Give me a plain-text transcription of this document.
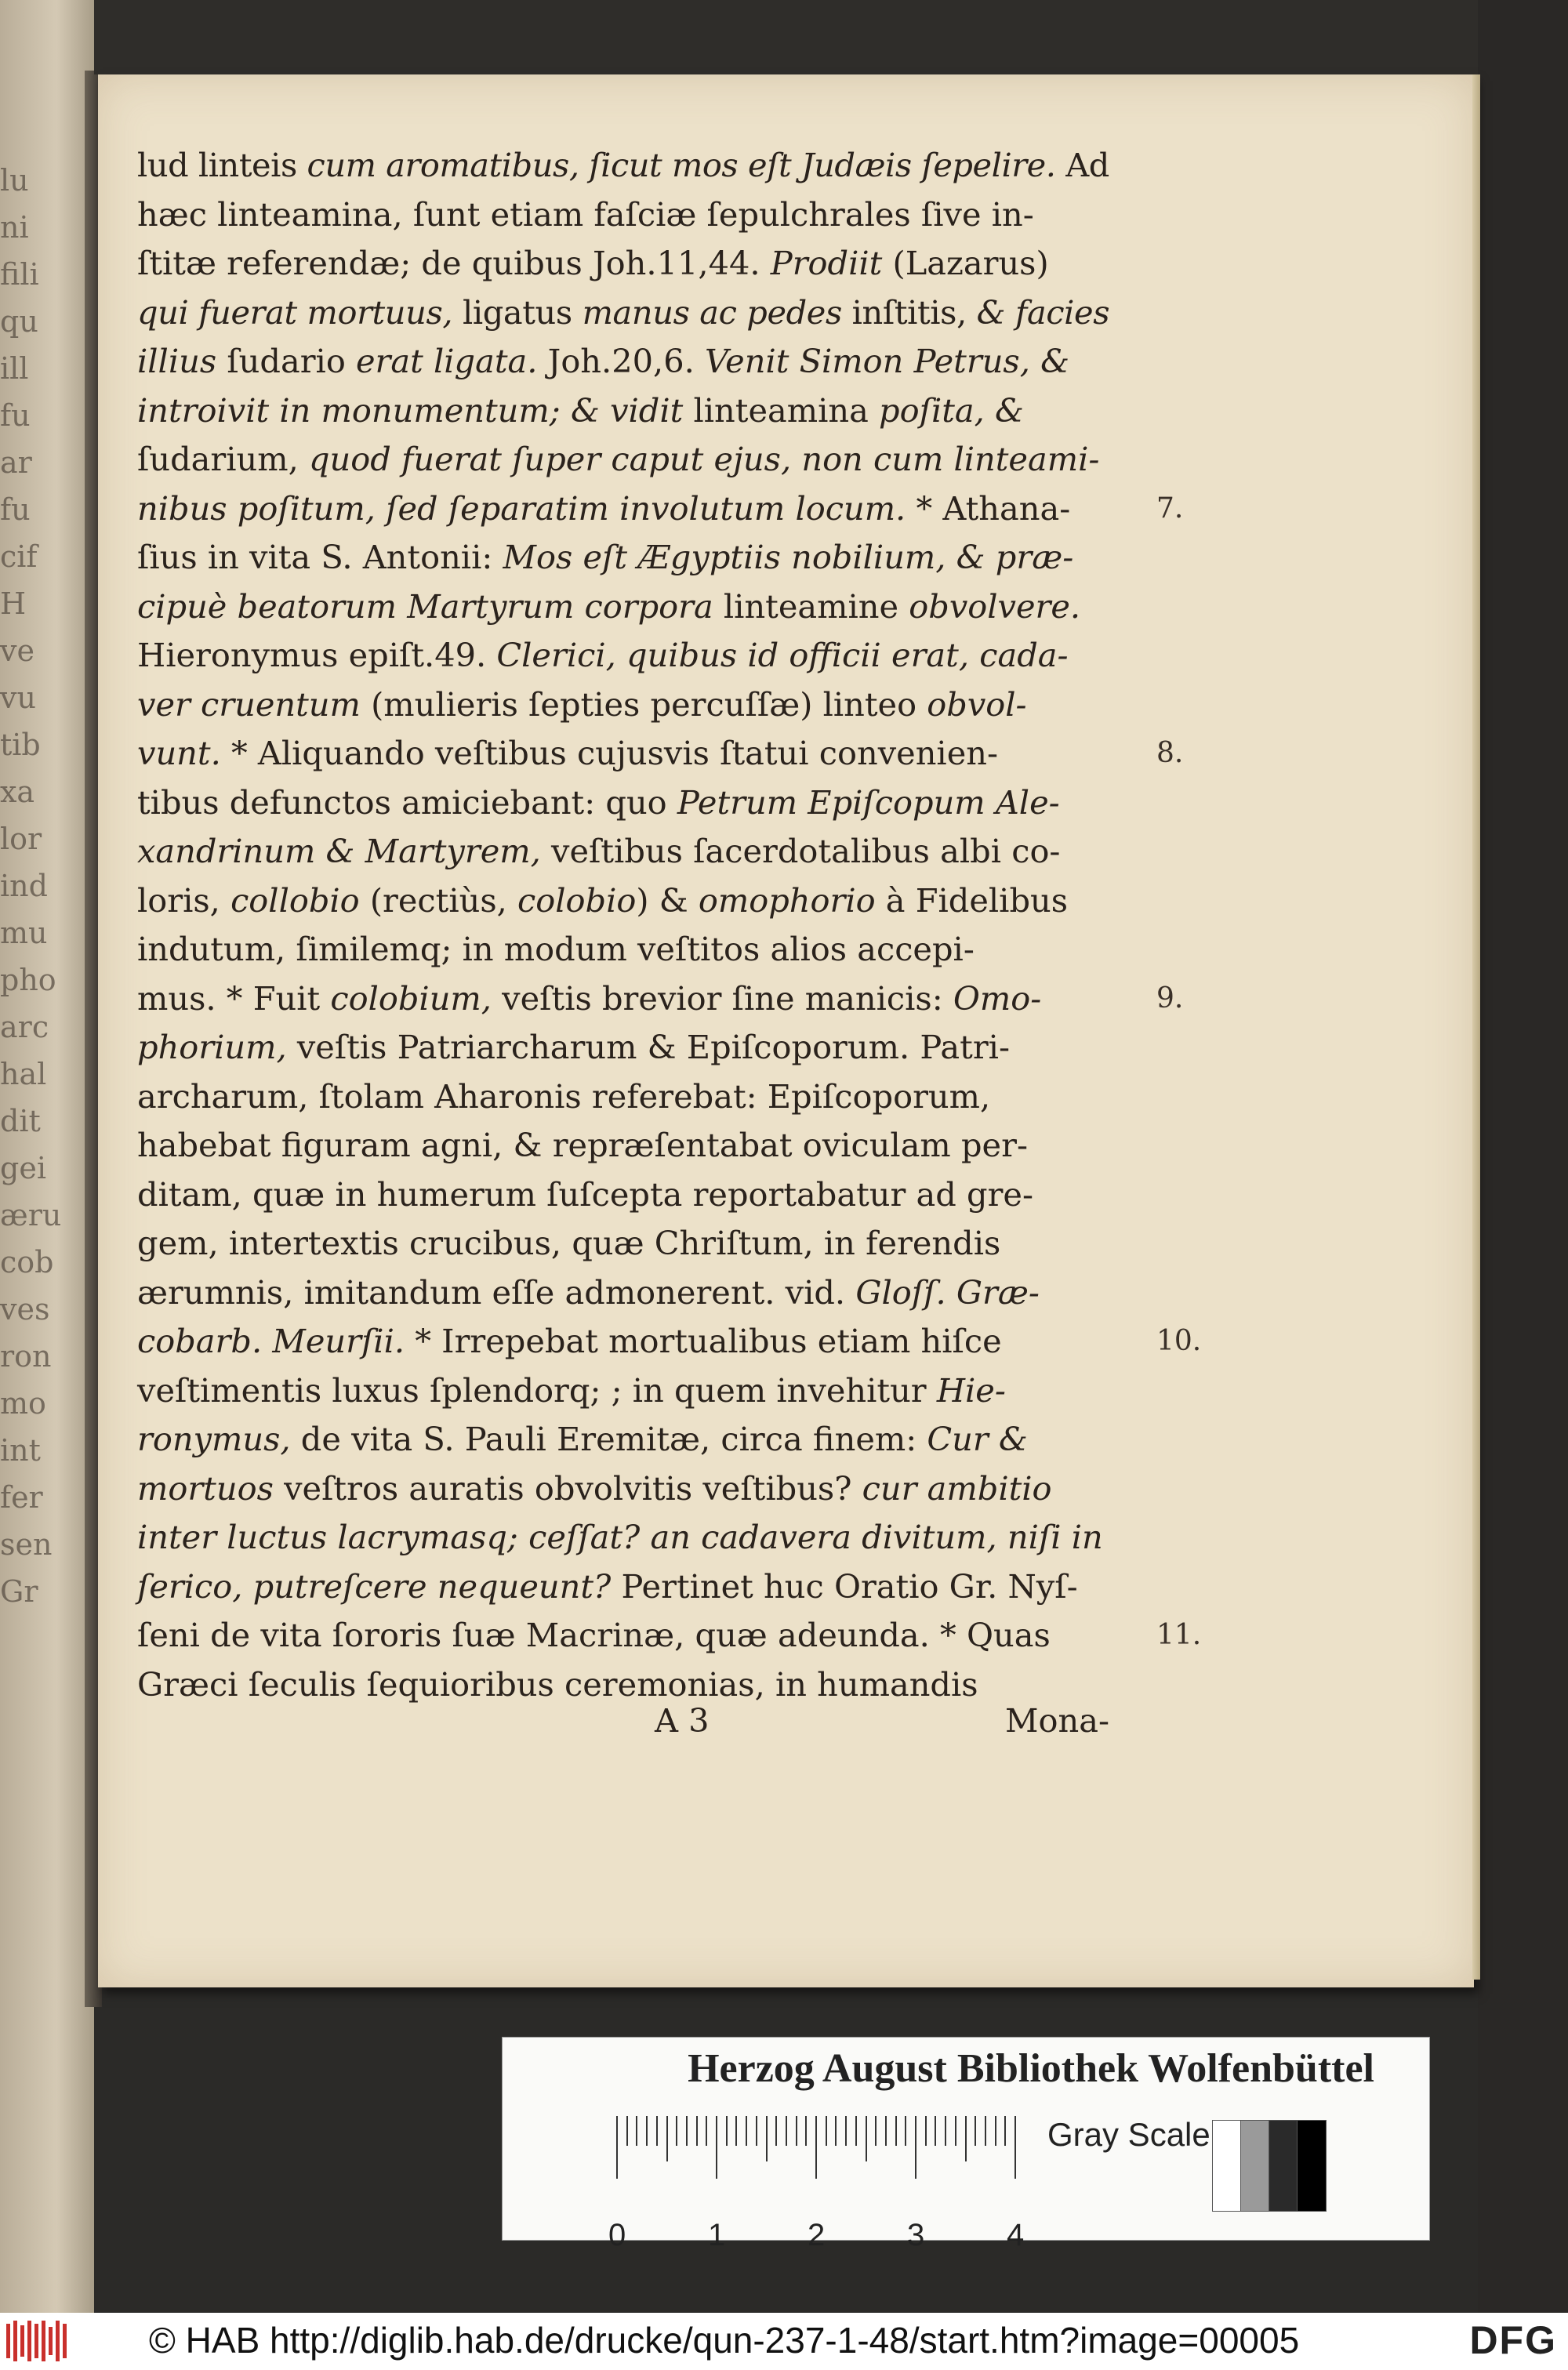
lu
ni
fili
qu
ill
fu
ar
fu
cif
H
ve
vu
tib
xa
lor
ind
mu
pho
arc
hal
dit
gei
æru
cob
ves
ron
mo
int
fer
sen
Gr
lud linteis cum aromatibus, ſicut mos eſt Judæis ſepelire. Ad
hæc linteamina, ſunt etiam faſciæ ſepulchrales ſive in-
ſtitæ referendæ; de quibus Joh.11,44. Prodiit (Lazarus)
qui fuerat mortuus, ligatus manus ac pedes inſtitis, & facies
illius ſudario erat ligata. Joh.20,6. Venit Simon Petrus, &
introivit in monumentum; & vidit linteamina poſita, &
ſudarium, quod fuerat ſuper caput ejus, non cum linteami-
nibus poſitum, ſed ſeparatim involutum locum. * Athana-
ſius in vita S. Antonii: Mos eſt Ægyptiis nobilium, & præ-
cipuè beatorum Martyrum corpora linteamine obvolvere.
Hieronymus epiſt.49. Clerici, quibus id officii erat, cada-
ver cruentum (mulieris ſepties percuſſæ) linteo obvol-
vunt. * Aliquando veſtibus cujusvis ſtatui convenien-
tibus defunctos amiciebant: quo Petrum Epiſcopum Ale-
xandrinum & Martyrem, veſtibus ſacerdotalibus albi co-
loris, collobio (rectiùs, colobio) & omophorio à Fidelibus
indutum, ſimilemq; in modum veſtitos alios accepi-
mus. * Fuit colobium, veſtis brevior ſine manicis: Omo-
phorium, veſtis Patriarcharum & Epiſcoporum. Patri-
archarum, ſtolam Aharonis referebat: Epiſcoporum,
habebat figuram agni, & repræſentabat oviculam per-
ditam, quæ in humerum ſuſcepta reportabatur ad gre-
gem, intertextis crucibus, quæ Chriſtum, in ferendis
ærumnis, imitandum eſſe admonerent. vid. Gloſſ. Græ-
cobarb. Meurſii. * Irrepebat mortualibus etiam hiſce
veſtimentis luxus ſplendorq; ; in quem invehitur Hie-
ronymus, de vita S. Pauli Eremitæ, circa finem: Cur &
mortuos veſtros auratis obvolvitis veſtibus? cur ambitio
inter luctus lacrymasq; ceſſat? an cadavera divitum, niſi in
ſerico, putreſcere nequeunt? Pertinet huc Oratio Gr. Nyſ-
ſeni de vita ſororis ſuæ Macrinæ, quæ adeunda. * Quas
Græci ſeculis ſequioribus ceremonias, in humandis
7.
8.
9.
10.
11.
A 3	Mona-
Herzog August Bibliothek Wolfenbüttel
0	1	2	3	4
Gray Scale
© HAB http://diglib.hab.de/drucke/qun-237-1-48/start.htm?image=00005	DFG
